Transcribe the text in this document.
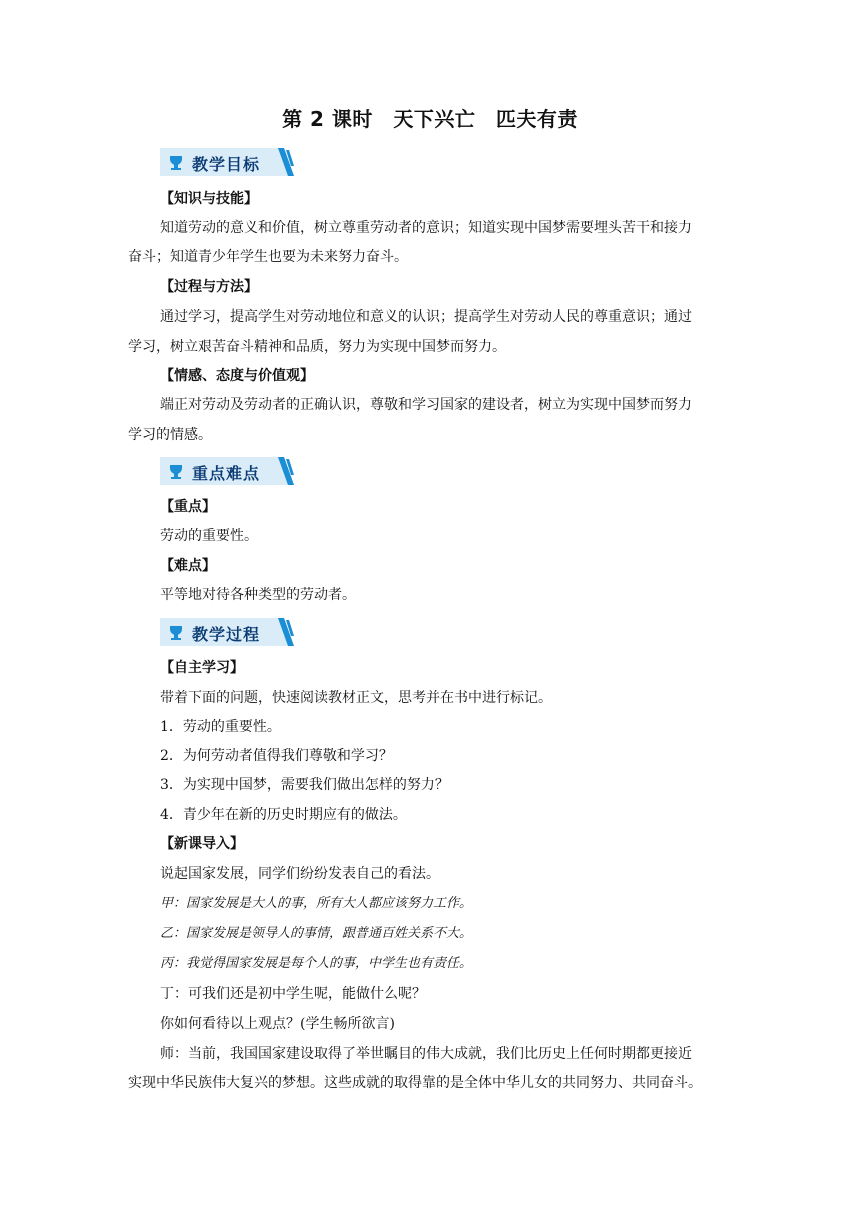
第 2 课时　天下兴亡　匹夫有责
教学目标
【知识与技能】
知道劳动的意义和价值，树立尊重劳动者的意识；知道实现中国梦需要埋头苦干和接力
奋斗；知道青少年学生也要为未来努力奋斗。
【过程与方法】
通过学习，提高学生对劳动地位和意义的认识；提高学生对劳动人民的尊重意识；通过
学习，树立艰苦奋斗精神和品质，努力为实现中国梦而努力。
【情感、态度与价值观】
端正对劳动及劳动者的正确认识，尊敬和学习国家的建设者，树立为实现中国梦而努力
学习的情感。
重点难点
【重点】
劳动的重要性。
【难点】
平等地对待各种类型的劳动者。
教学过程
【自主学习】
带着下面的问题，快速阅读教材正文，思考并在书中进行标记。
1．劳动的重要性。
2．为何劳动者值得我们尊敬和学习？
3．为实现中国梦，需要我们做出怎样的努力？
4．青少年在新的历史时期应有的做法。
【新课导入】
说起国家发展，同学们纷纷发表自己的看法。
甲：国家发展是大人的事，所有大人都应该努力工作。
乙：国家发展是领导人的事情，跟普通百姓关系不大。
丙：我觉得国家发展是每个人的事，中学生也有责任。
丁：可我们还是初中学生呢，能做什么呢？
你如何看待以上观点？(学生畅所欲言)
师：当前，我国国家建设取得了举世瞩目的伟大成就，我们比历史上任何时期都更接近
实现中华民族伟大复兴的梦想。这些成就的取得靠的是全体中华儿女的共同努力、共同奋斗。
